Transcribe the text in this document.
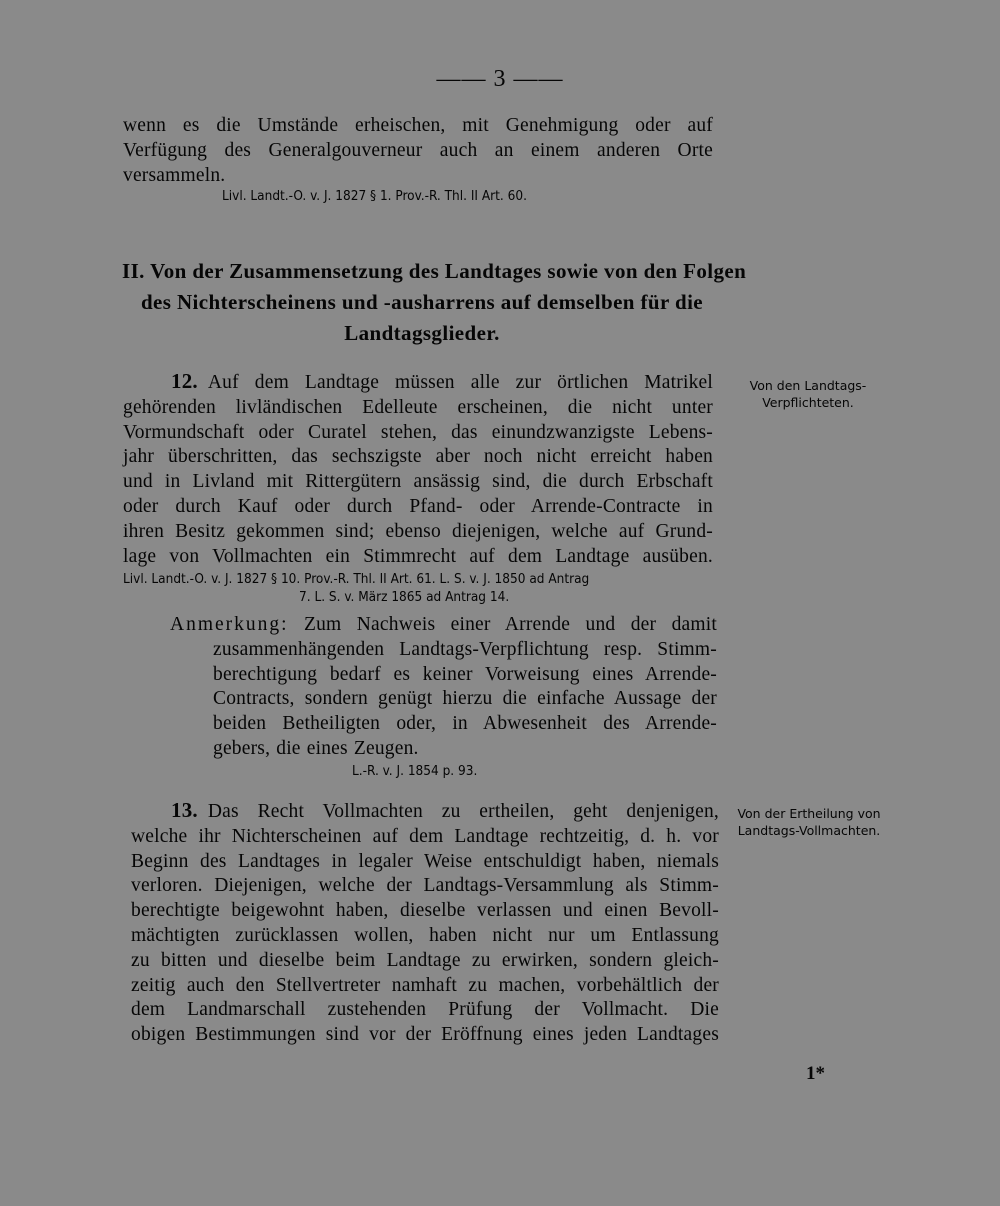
—— 3 ——
wenn es die Umstände erheischen, mit Genehmigung oder auf
Verfügung des Generalgouverneur auch an einem anderen Orte
versammeln.
Livl. Landt.-O. v. J. 1827 § 1. Prov.-R. Thl. II Art. 60.
II. Von der Zusammensetzung des Landtages sowie von den Folgen
des Nichterscheinens und -ausharrens auf demselben für die
Landtagsglieder.
12. Auf dem Landtage müssen alle zur örtlichen Matrikel
gehörenden livländischen Edelleute erscheinen, die nicht unter
Vormundschaft oder Curatel stehen, das einundzwanzigste Lebens-
jahr überschritten, das sechszigste aber noch nicht erreicht haben
und in Livland mit Rittergütern ansässig sind, die durch Erbschaft
oder durch Kauf oder durch Pfand- oder Arrende-Contracte in
ihren Besitz gekommen sind; ebenso diejenigen, welche auf Grund-
lage von Vollmachten ein Stimmrecht auf dem Landtage ausüben.
Livl. Landt.-O. v. J. 1827 § 10. Prov.-R. Thl. II Art. 61. L. S. v. J. 1850 ad Antrag
7. L. S. v. März 1865 ad Antrag 14.
Von den Landtags-
Verpflichteten.
Anmerkung: Zum Nachweis einer Arrende und der damit
zusammenhängenden Landtags-Verpflichtung resp. Stimm-
berechtigung bedarf es keiner Vorweisung eines Arrende-
Contracts, sondern genügt hierzu die einfache Aussage der
beiden Betheiligten oder, in Abwesenheit des Arrende-
gebers, die eines Zeugen.
L.-R. v. J. 1854 p. 93.
13. Das Recht Vollmachten zu ertheilen, geht denjenigen,
welche ihr Nichterscheinen auf dem Landtage rechtzeitig, d. h. vor
Beginn des Landtages in legaler Weise entschuldigt haben, niemals
verloren. Diejenigen, welche der Landtags-Versammlung als Stimm-
berechtigte beigewohnt haben, dieselbe verlassen und einen Bevoll-
mächtigten zurücklassen wollen, haben nicht nur um Entlassung
zu bitten und dieselbe beim Landtage zu erwirken, sondern gleich-
zeitig auch den Stellvertreter namhaft zu machen, vorbehältlich der
dem Landmarschall zustehenden Prüfung der Vollmacht. Die
obigen Bestimmungen sind vor der Eröffnung eines jeden Landtages
Von der Ertheilung von
Landtags-Vollmachten.
1*
